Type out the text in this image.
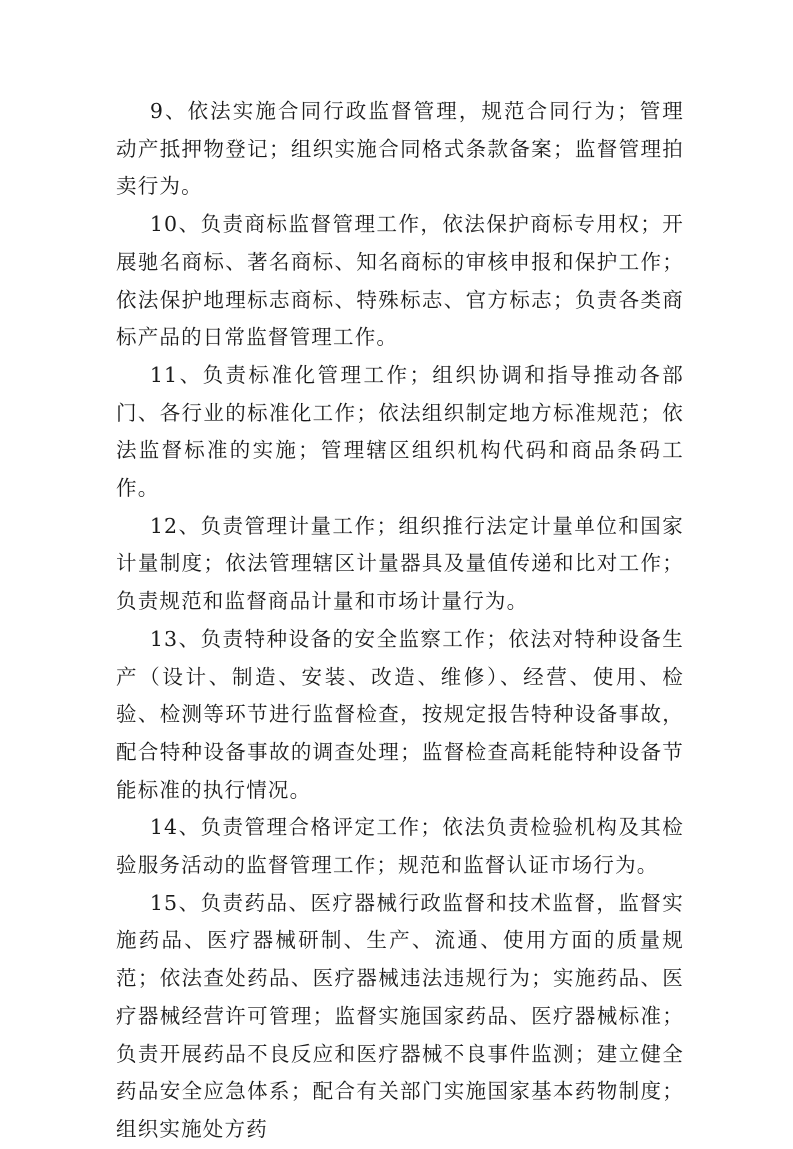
9、依法实施合同行政监督管理，规范合同行为；管理动产抵押物登记；组织实施合同格式条款备案；监督管理拍卖行为。

10、负责商标监督管理工作，依法保护商标专用权；开展驰名商标、著名商标、知名商标的审核申报和保护工作；依法保护地理标志商标、特殊标志、官方标志；负责各类商标产品的日常监督管理工作。

11、负责标准化管理工作；组织协调和指导推动各部门、各行业的标准化工作；依法组织制定地方标准规范；依法监督标准的实施；管理辖区组织机构代码和商品条码工作。

12、负责管理计量工作；组织推行法定计量单位和国家计量制度；依法管理辖区计量器具及量值传递和比对工作；负责规范和监督商品计量和市场计量行为。

13、负责特种设备的安全监察工作；依法对特种设备生产（设计、制造、安装、改造、维修）、经营、使用、检验、检测等环节进行监督检查，按规定报告特种设备事故，配合特种设备事故的调查处理；监督检查高耗能特种设备节能标准的执行情况。

14、负责管理合格评定工作；依法负责检验机构及其检验服务活动的监督管理工作；规范和监督认证市场行为。

15、负责药品、医疗器械行政监督和技术监督，监督实施药品、医疗器械研制、生产、流通、使用方面的质量规范；依法查处药品、医疗器械违法违规行为；实施药品、医疗器械经营许可管理；监督实施国家药品、医疗器械标准；负责开展药品不良反应和医疗器械不良事件监测；建立健全药品安全应急体系；配合有关部门实施国家基本药物制度；组织实施处方药
